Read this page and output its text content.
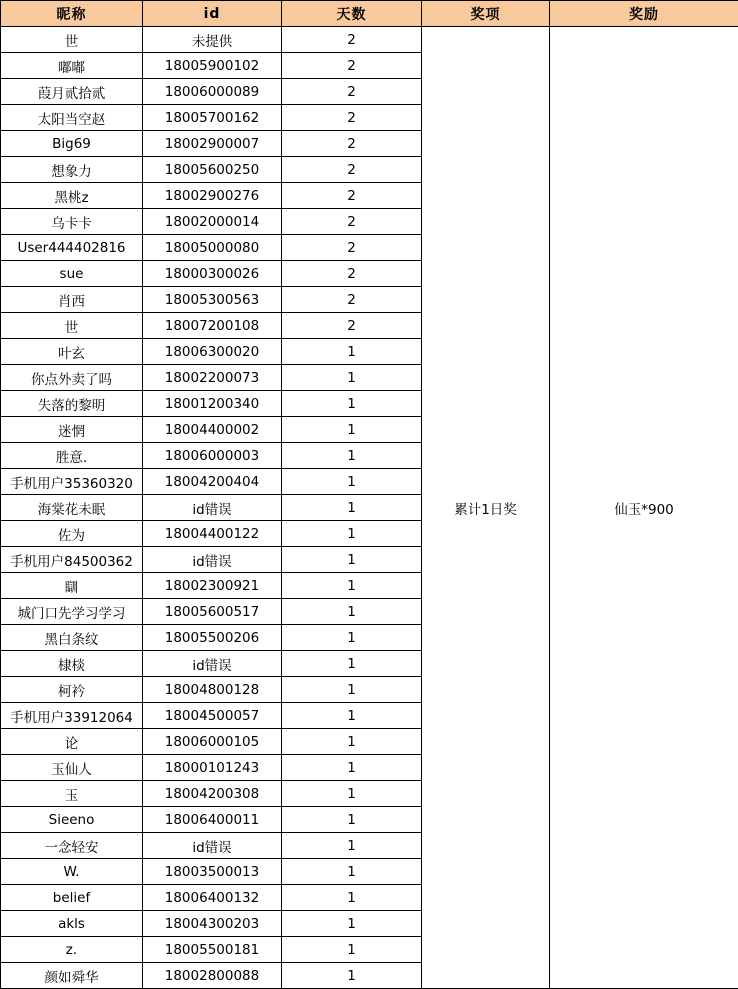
昵称	id	天数	奖项	奖励
世	未提供	2	累计1日奖	仙玉*900
嘟嘟	18005900102	2		
葭月贰拾贰	18006000089	2		
太阳当空赵	18005700162	2		
Big69	18002900007	2		
想象力	18005600250	2		
黑桃z	18002900276	2		
乌卡卡	18002000014	2		
User444402816	18005000080	2		
sue	18000300026	2		
肖西	18005300563	2		
世	18007200108	2		
叶玄	18006300020	1		
你点外卖了吗	18002200073	1		
失落的黎明	18001200340	1		
迷惘	18004400002	1		
胜意.	18006000003	1		
手机用户35360320	18004200404	1		
海棠花未眠	id错误	1		
佐为	18004400122	1		
手机用户84500362	id错误	1		
瞓	18002300921	1		
城门口先学习学习	18005600517	1		
黑白条纹	18005500206	1		
棣棪	id错误	1		
柯衿	18004800128	1		
手机用户33912064	18004500057	1		
论	18006000105	1		
玉仙人	18000101243	1		
玉	18004200308	1		
Sieeno	18006400011	1		
一念轻安	id错误	1		
W.	18003500013	1		
belief	18006400132	1		
akls	18004300203	1		
z.	18005500181	1		
颜如舜华	18002800088	1		
